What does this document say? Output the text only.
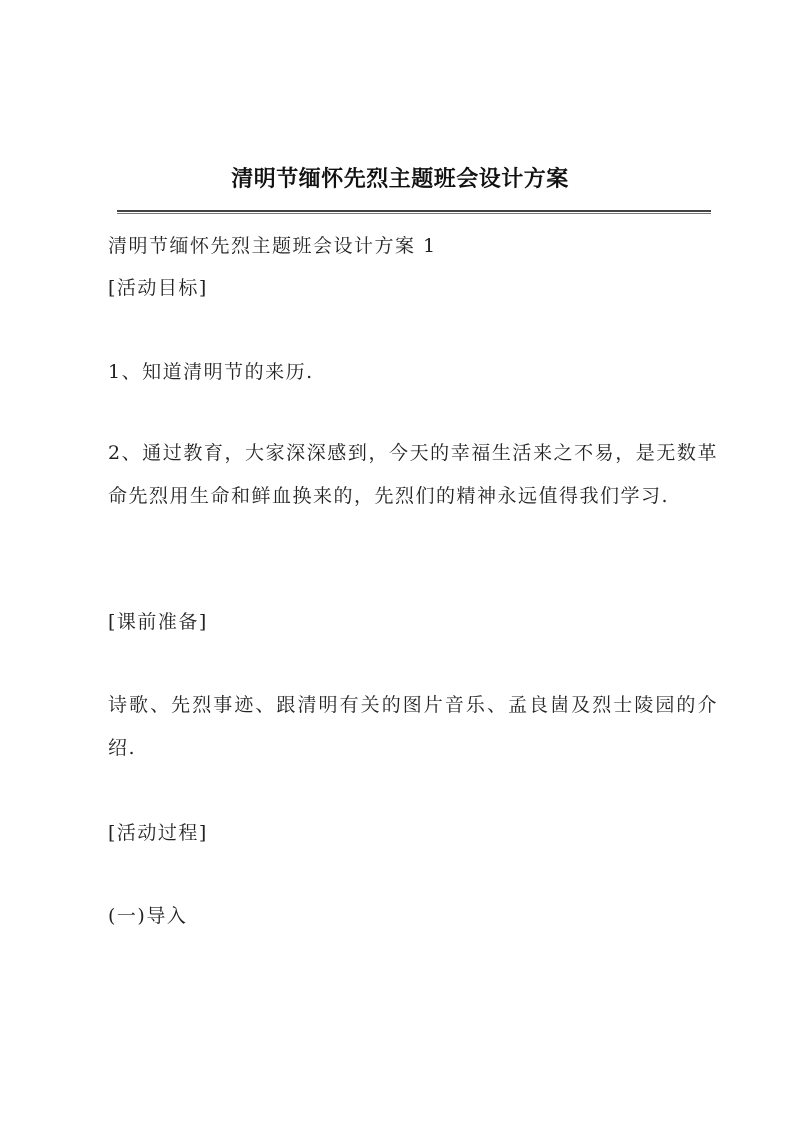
清明节缅怀先烈主题班会设计方案
清明节缅怀先烈主题班会设计方案 1
[活动目标]
1、知道清明节的来历.
2、通过教育，大家深深感到，今天的幸福生活来之不易，是无数革命先烈用生命和鲜血换来的，先烈们的精神永远值得我们学习.
[课前准备]
诗歌、先烈事迹、跟清明有关的图片音乐、孟良崮及烈士陵园的介绍.
[活动过程]
(一)导入
